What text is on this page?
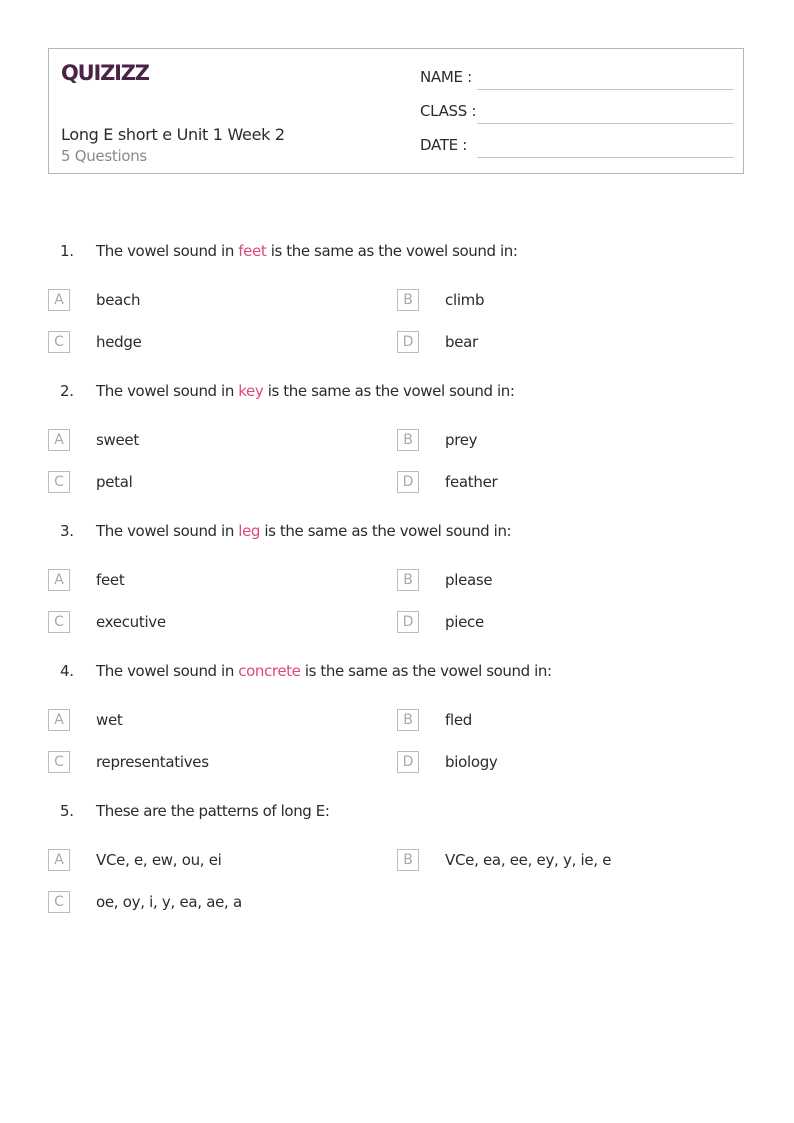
QUIZIZZ
Long E short e Unit 1 Week 2
5 Questions
NAME :
CLASS :
DATE :
1. The vowel sound in feet is the same as the vowel sound in:
A	beach	B	climb
C	hedge	D	bear
2. The vowel sound in key is the same as the vowel sound in:
A	sweet	B	prey
C	petal	D	feather
3. The vowel sound in leg is the same as the vowel sound in:
A	feet	B	please
C	executive	D	piece
4. The vowel sound in concrete is the same as the vowel sound in:
A	wet	B	fled
C	representatives	D	biology
5. These are the patterns of long E:
A	VCe, e, ew, ou, ei	B	VCe, ea, ee, ey, y, ie, e
C	oe, oy, i, y, ea, ae, a
